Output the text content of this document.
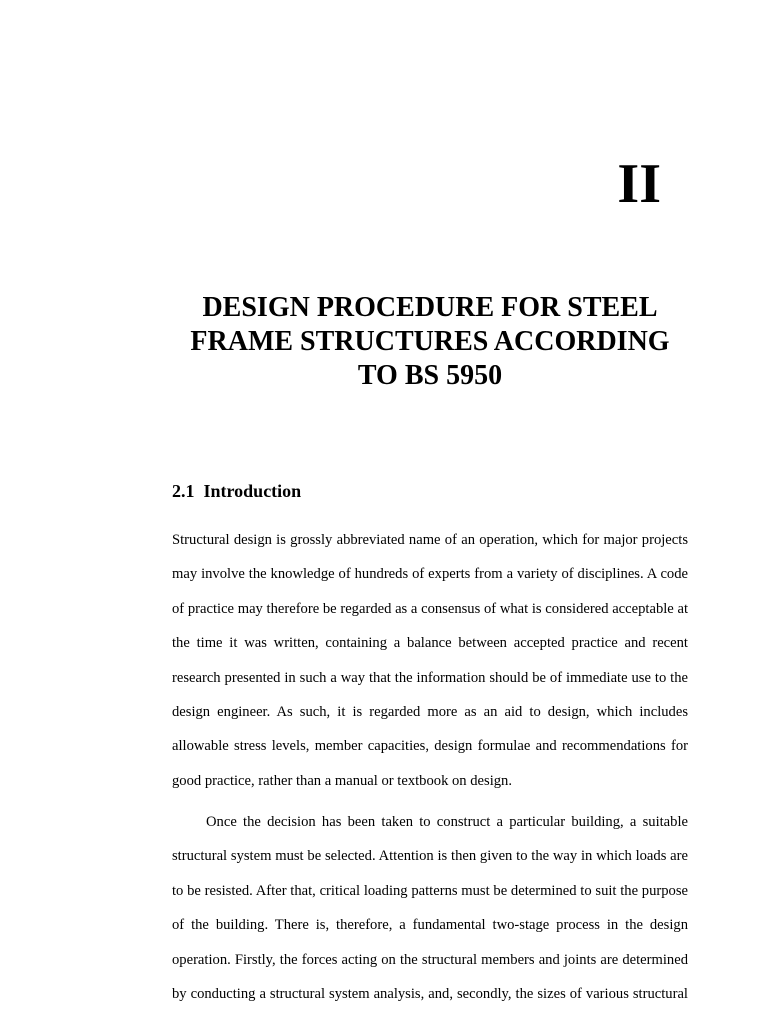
II
DESIGN PROCEDURE FOR STEEL
FRAME STRUCTURES ACCORDING
TO BS 5950
2.1 Introduction
Structural design is grossly abbreviated name of an operation, which for major projects
may involve the knowledge of hundreds of experts from a variety of disciplines. A code
of practice may therefore be regarded as a consensus of what is considered acceptable at
the time it was written, containing a balance between accepted practice and recent
research presented in such a way that the information should be of immediate use to the
design engineer. As such, it is regarded more as an aid to design, which includes
allowable stress levels, member capacities, design formulae and recommendations for
good practice, rather than a manual or textbook on design.
Once the decision has been taken to construct a particular building, a suitable
structural system must be selected. Attention is then given to the way in which loads are
to be resisted. After that, critical loading patterns must be determined to suit the purpose
of the building. There is, therefore, a fundamental two-stage process in the design
operation. Firstly, the forces acting on the structural members and joints are determined
by conducting a structural system analysis, and, secondly, the sizes of various structural
